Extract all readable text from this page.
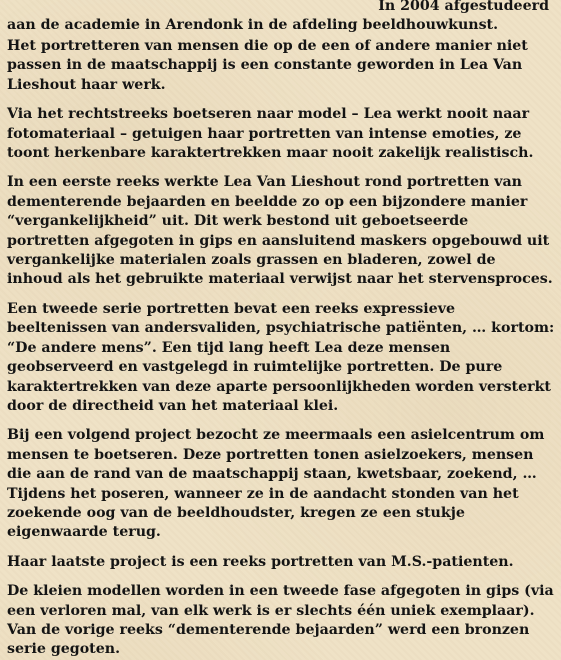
In 2004 afgestudeerd
aan de academie in Arendonk in de afdeling beeldhouwkunst.

Het portretteren van mensen die op de een of andere manier niet passen in de maatschappij is een constante geworden in Lea Van Lieshout haar werk.

Via het rechtstreeks boetseren naar model – Lea werkt nooit naar fotomateriaal – getuigen haar portretten van intense emoties, ze toont herkenbare karaktertrekken maar nooit zakelijk realistisch.

In een eerste reeks werkte Lea Van Lieshout rond portretten van dementerende bejaarden en beeldde zo op een bijzondere manier “vergankelijkheid” uit. Dit werk bestond uit geboetseerde portretten afgegoten in gips en aansluitend maskers opgebouwd uit vergankelijke materialen zoals grassen en bladeren, zowel de inhoud als het gebruikte materiaal verwijst naar het stervensproces.

Een tweede serie portretten bevat een reeks expressieve beeltenissen van andersvaliden, psychiatrische patiënten, … kortom: “De andere mens”. Een tijd lang heeft Lea deze mensen geobserveerd en vastgelegd in ruimtelijke portretten. De pure karaktertrekken van deze aparte persoonlijkheden worden versterkt door de directheid van het materiaal klei.

Bij een volgend project bezocht ze meermaals een asielcentrum om mensen te boetseren. Deze portretten tonen asielzoekers, mensen die aan de rand van de maatschappij staan, kwetsbaar, zoekend, … Tijdens het poseren, wanneer ze in de aandacht stonden van het zoekende oog van de beeldhoudster, kregen ze een stukje eigenwaarde terug.

Haar laatste project is een reeks portretten van M.S.-patienten.

De kleien modellen worden in een tweede fase afgegoten in gips (via een verloren mal, van elk werk is er slechts één uniek exemplaar). Van de vorige reeks “dementerende bejaarden” werd een bronzen serie gegoten.
